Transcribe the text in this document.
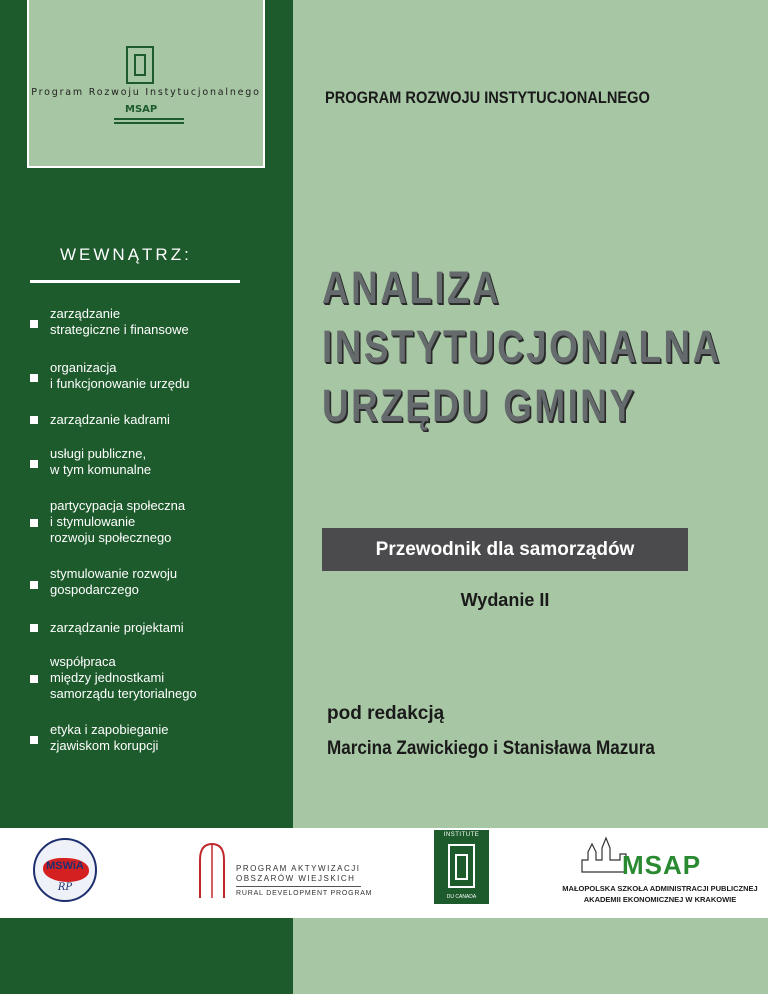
Program Rozwoju Instytucjonalnego
MSAP
WEWNĄTRZ:
zarządzanie
strategiczne i finansowe
organizacja
i funkcjonowanie urzędu
zarządzanie kadrami
usługi publiczne,
w tym komunalne
partycypacja społeczna
i stymulowanie
rozwoju społecznego
stymulowanie rozwoju
gospodarczego
zarządzanie projektami
współpraca
między jednostkami
samorządu terytorialnego
etyka i zapobieganie
zjawiskom korupcji
PROGRAM ROZWOJU INSTYTUCJONALNEGO
ANALIZA
INSTYTUCJONALNA
URZĘDU GMINY
Przewodnik dla samorządów
Wydanie II
pod redakcją
Marcina Zawickiego i Stanisława Mazura
MSWiA
RP
PROGRAM AKTYWIZACJI
OBSZARÓW WIEJSKICH
RURAL DEVELOPMENT PROGRAM
INSTITUTE
DU CANADA
MSAP
MAŁOPOLSKA SZKOŁA ADMINISTRACJI PUBLICZNEJ
AKADEMII EKONOMICZNEJ W KRAKOWIE
